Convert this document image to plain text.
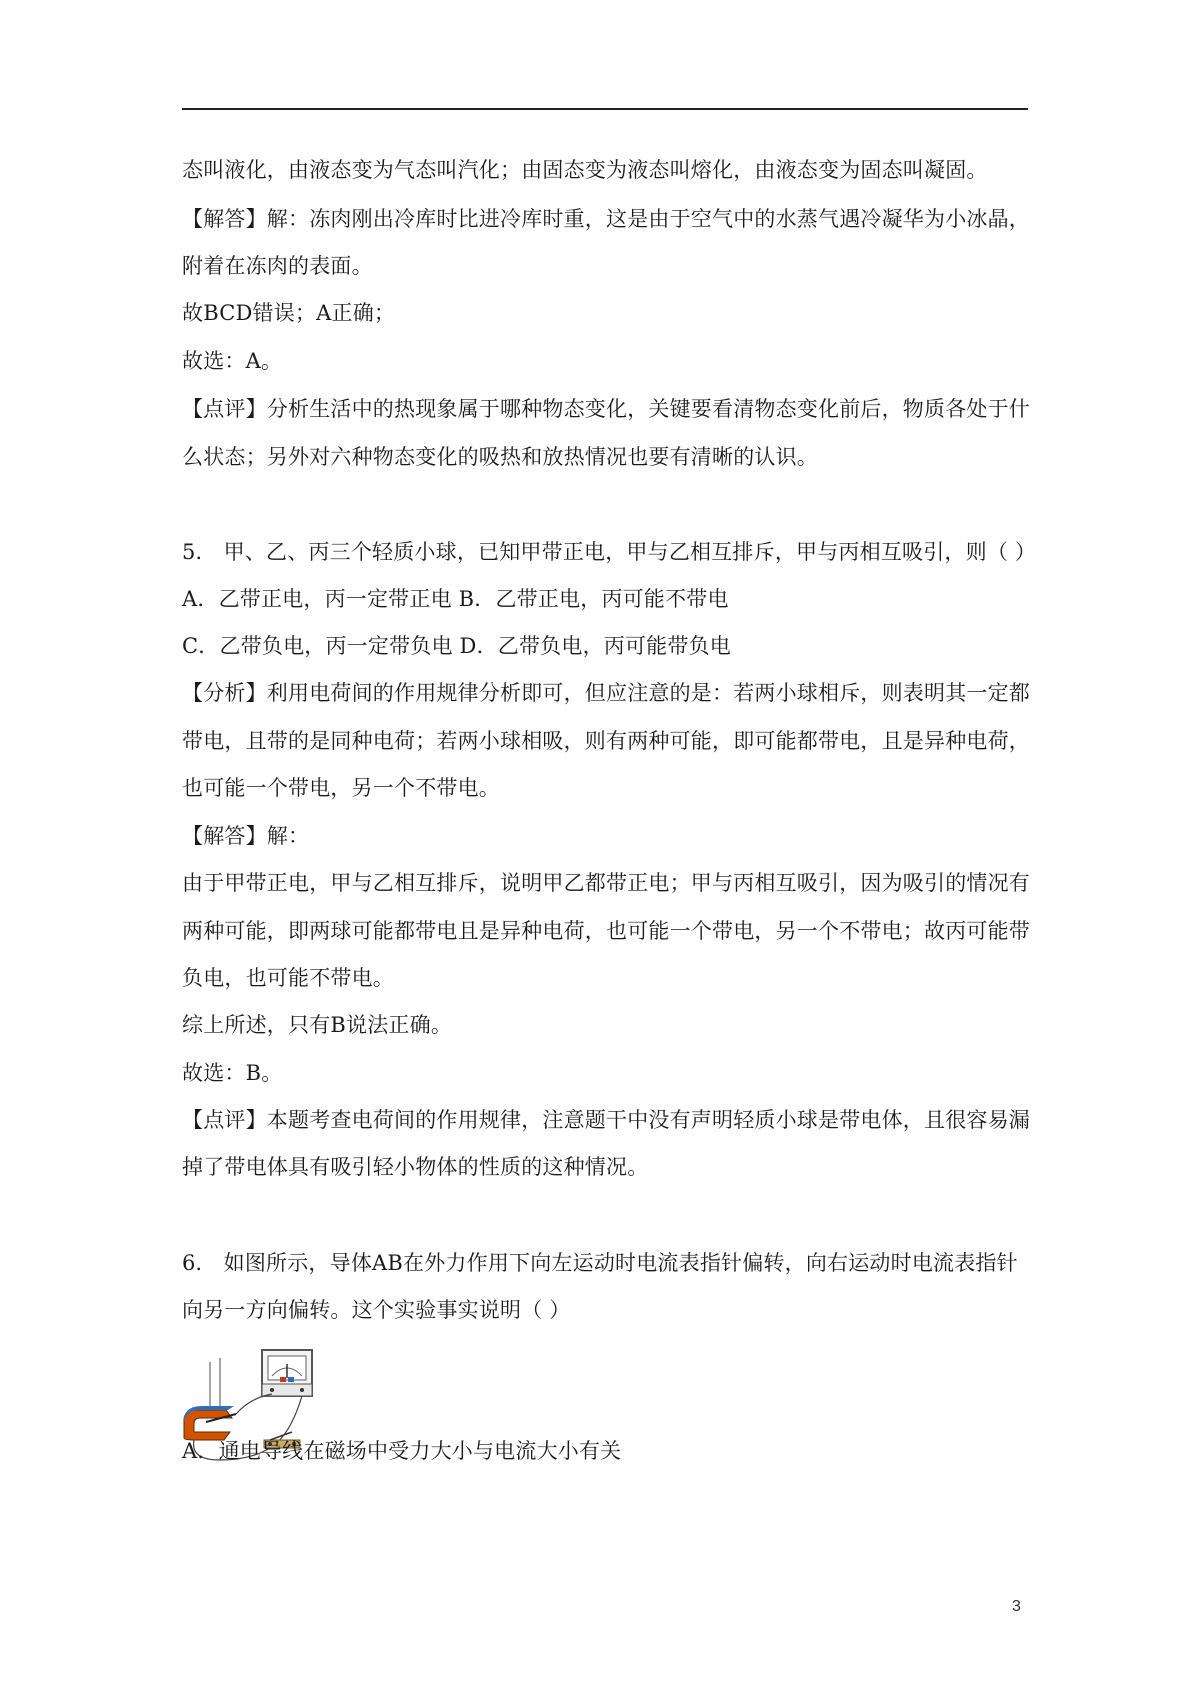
态叫液化，由液态变为气态叫汽化；由固态变为液态叫熔化，由液态变为固态叫凝固。
【解答】解：冻肉刚出冷库时比进冷库时重，这是由于空气中的水蒸气遇冷凝华为小冰晶，
附着在冻肉的表面。
故BCD错误；A正确；
故选：A。
【点评】分析生活中的热现象属于哪种物态变化，关键要看清物态变化前后，物质各处于什
么状态；另外对六种物态变化的吸热和放热情况也要有清晰的认识。
5． 甲、乙、丙三个轻质小球，已知甲带正电，甲与乙相互排斥，甲与丙相互吸引，则（ ）
A．乙带正电，丙一定带正电 B．乙带正电，丙可能不带电
C．乙带负电，丙一定带负电 D．乙带负电，丙可能带负电
【分析】利用电荷间的作用规律分析即可，但应注意的是：若两小球相斥，则表明其一定都
带电，且带的是同种电荷；若两小球相吸，则有两种可能，即可能都带电，且是异种电荷，
也可能一个带电，另一个不带电。
【解答】解：
由于甲带正电，甲与乙相互排斥，说明甲乙都带正电；甲与丙相互吸引，因为吸引的情况有
两种可能，即两球可能都带电且是异种电荷，也可能一个带电，另一个不带电；故丙可能带
负电，也可能不带电。
综上所述，只有B说法正确。
故选：B。
【点评】本题考查电荷间的作用规律，注意题干中没有声明轻质小球是带电体，且很容易漏
掉了带电体具有吸引轻小物体的性质的这种情况。
6． 如图所示，导体AB在外力作用下向左运动时电流表指针偏转，向右运动时电流表指针
向另一方向偏转。这个实验事实说明（ ）
A．通电导线在磁场中受力大小与电流大小有关
3
